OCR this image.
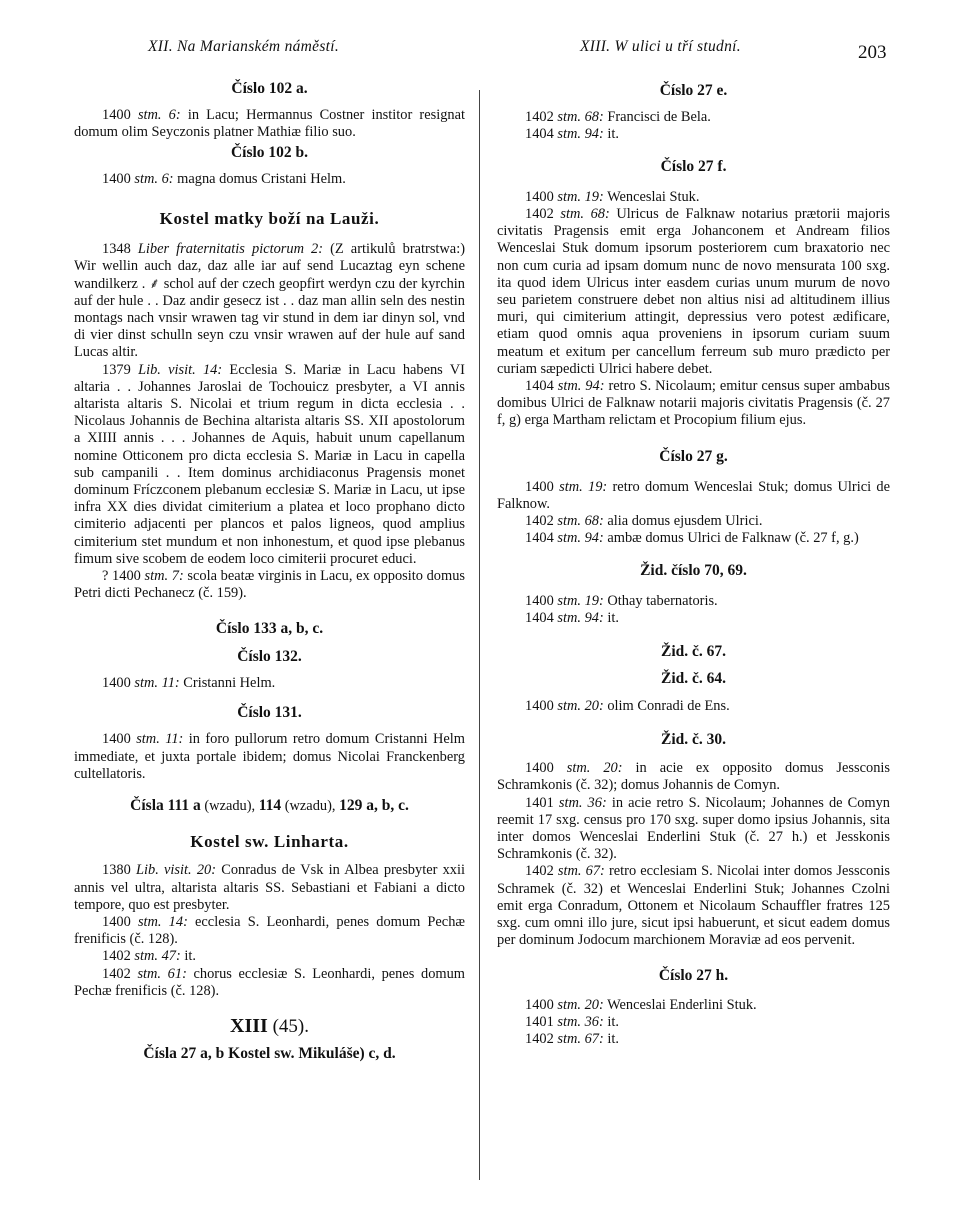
XII. Na Marianském náměstí.	XIII. W ulici u tří studní.	203
Číslo 102 a.

1400 stm. 6: in Lacu; Hermannus Costner institor resignat domum olim Seyczonis platner Mathiæ filio suo.

Číslo 102 b.

1400 stm. 6: magna domus Cristani Helm.

Kostel matky boží na Lauži.

1348 Liber fraternitatis pictorum 2: (Z artikulů bratrstwa:) Wir wellin auch daz, daz alle iar auf send Lucaztag eyn schene wandilkerz . ⸙ schol auf der czech geopfirt werdyn czu der kyrchin auf der hule . . Daz andir gesecz ist . . daz man allin seln des nestin montags nach vnsir wrawen tag vir stund in dem iar dinyn sol, vnd di vier dinst schulln seyn czu vnsir wrawen auf der hule auf sand Lucas altir.

1379 Lib. visit. 14: Ecclesia S. Mariæ in Lacu habens VI altaria . . Johannes Jaroslai de Tochouicz presbyter, a VI annis altarista altaris S. Nicolai et trium regum in dicta ecclesia . . Nicolaus Johannis de Bechina altarista altaris SS. XII apostolorum a XIIII annis . . . Johannes de Aquis, habuit unum capellanum nomine Otticonem pro dicta ecclesia S. Mariæ in Lacu in capella sub campanili . . Item dominus archidiaconus Pragensis monet dominum Fríczconem plebanum ecclesiæ S. Mariæ in Lacu, ut ipse infra XX dies dividat cimiterium a platea et loco prophano dicto cimiterio adjacenti per plancos et palos ligneos, quod amplius cimiterium stet mundum et non inhonestum, et quod ipse plebanus fimum sive scobem de eodem loco cimiterii procuret educi.

? 1400 stm. 7: scola beatæ virginis in Lacu, ex opposito domus Petri dicti Pechanecz (č. 159).

Číslo 133 a, b, c.
Číslo 132.

1400 stm. 11: Cristanni Helm.

Číslo 131.

1400 stm. 11: in foro pullorum retro domum Cristanni Helm immediate, et juxta portale ibidem; domus Nicolai Franckenberg cultellatoris.

Čísla 111 a (wzadu), 114 (wzadu), 129 a, b, c.
Kostel sw. Linharta.

1380 Lib. visit. 20: Conradus de Vsk in Albea presbyter xxii annis vel ultra, altarista altaris SS. Sebastiani et Fabiani a dicto tempore, quo est presbyter.

1400 stm. 14: ecclesia S. Leonhardi, penes domum Pechæ frenificis (č. 128).

1402 stm. 47: it.

1402 stm. 61: chorus ecclesiæ S. Leonhardi, penes domum Pechæ frenificis (č. 128).

XIII (45).
Čísla 27 a, b Kostel sw. Mikuláše) c, d.
Číslo 27 e.

1402 stm. 68: Francisci de Bela.

1404 stm. 94: it.

Číslo 27 f.

1400 stm. 19: Wenceslai Stuk.

1402 stm. 68: Ulricus de Falknaw notarius prætorii majoris civitatis Pragensis emit erga Johanconem et Andream filios Wenceslai Stuk domum ipsorum posteriorem cum braxatorio nec non cum curia ad ipsam domum nunc de novo mensurata 100 sxg. ita quod idem Ulricus inter easdem curias unum murum de novo seu parietem construere debet non altius nisi ad altitudinem illius muri, qui cimiterium attingit, depressius vero potest ædificare, etiam quod omnis aqua proveniens in ipsorum curiam suum meatum et exitum per cancellum ferreum sub muro prædicto per curiam sæpedicti Ulrici habere debet.

1404 stm. 94: retro S. Nicolaum; emitur census super ambabus domibus Ulrici de Falknaw notarii majoris civitatis Pragensis (č. 27 f, g) erga Martham relictam et Procopium filium ejus.

Číslo 27 g.

1400 stm. 19: retro domum Wenceslai Stuk; domus Ulrici de Falknow.

1402 stm. 68: alia domus ejusdem Ulrici.

1404 stm. 94: ambæ domus Ulrici de Falknaw (č. 27 f, g.)

Žid. číslo 70, 69.

1400 stm. 19: Othay tabernatoris.

1404 stm. 94: it.

Žid. č. 67.
Žid. č. 64.

1400 stm. 20: olim Conradi de Ens.

Žid. č. 30.

1400 stm. 20: in acie ex opposito domus Jessconis Schramkonis (č. 32); domus Johannis de Comyn.

1401 stm. 36: in acie retro S. Nicolaum; Johannes de Comyn reemit 17 sxg. census pro 170 sxg. super domo ipsius Johannis, sita inter domos Wenceslai Enderlini Stuk (č. 27 h.) et Jesskonis Schramkonis (č. 32).

1402 stm. 67: retro ecclesiam S. Nicolai inter domos Jessconis Schramek (č. 32) et Wenceslai Enderlini Stuk; Johannes Czolni emit erga Conradum, Ottonem et Nicolaum Schauffler fratres 125 sxg. cum omni illo jure, sicut ipsi habuerunt, et sicut eadem domus per dominum Jodocum marchionem Moraviæ ad eos pervenit.

Číslo 27 h.

1400 stm. 20: Wenceslai Enderlini Stuk.

1401 stm. 36: it.

1402 stm. 67: it.
